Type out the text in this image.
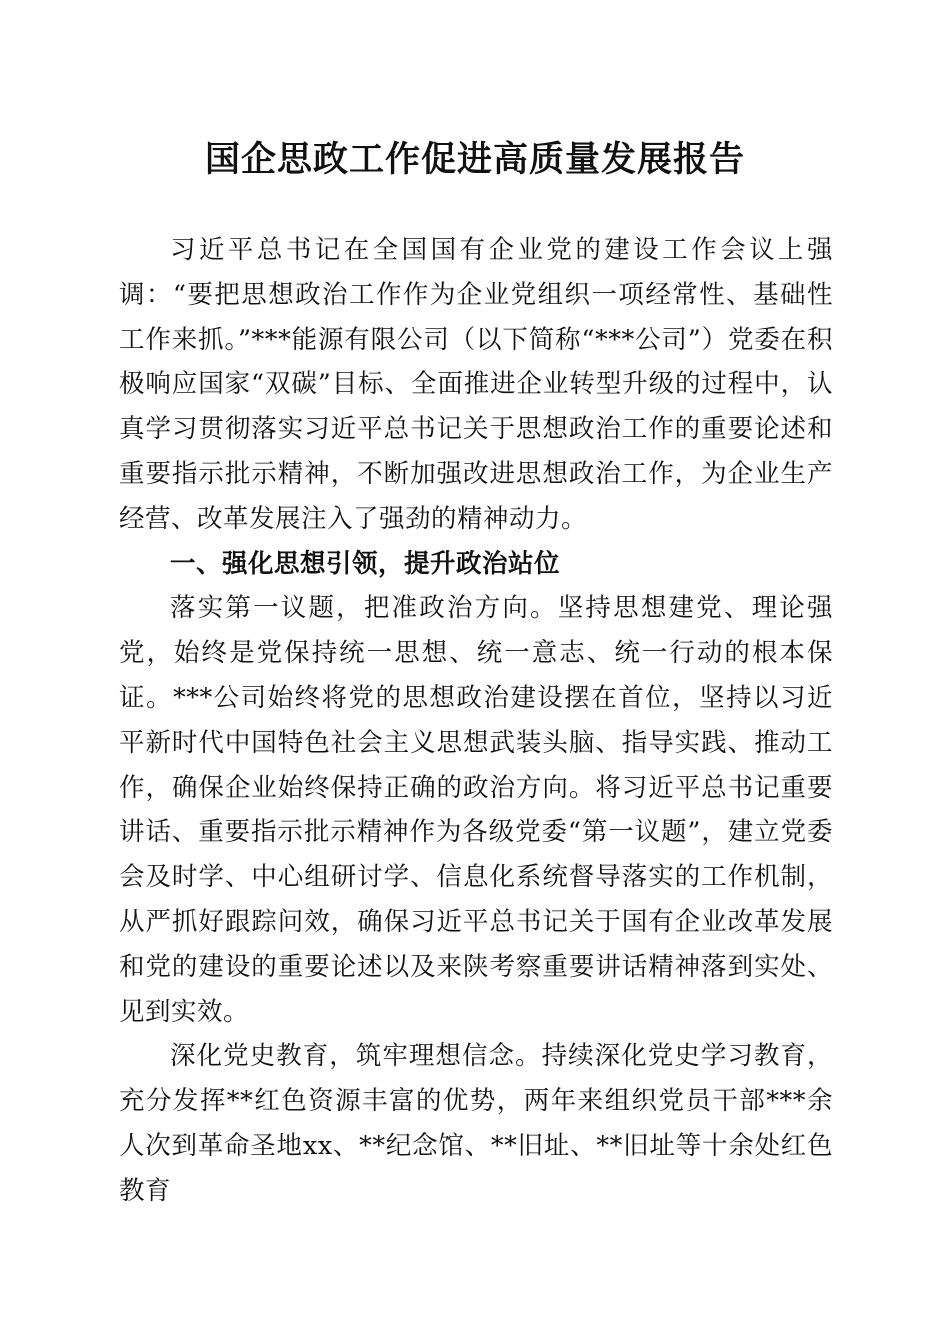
国企思政工作促进高质量发展报告

习近平总书记在全国国有企业党的建设工作会议上强调：“要把思想政治工作作为企业党组织一项经常性、基础性工作来抓。”***能源有限公司（以下简称“***公司”）党委在积极响应国家“双碳”目标、全面推进企业转型升级的过程中，认真学习贯彻落实习近平总书记关于思想政治工作的重要论述和重要指示批示精神，不断加强改进思想政治工作，为企业生产经营、改革发展注入了强劲的精神动力。

一、强化思想引领，提升政治站位

落实第一议题，把准政治方向。坚持思想建党、理论强党，始终是党保持统一思想、统一意志、统一行动的根本保证。***公司始终将党的思想政治建设摆在首位，坚持以习近平新时代中国特色社会主义思想武装头脑、指导实践、推动工作，确保企业始终保持正确的政治方向。将习近平总书记重要讲话、重要指示批示精神作为各级党委“第一议题”，建立党委会及时学、中心组研讨学、信息化系统督导落实的工作机制，从严抓好跟踪问效，确保习近平总书记关于国有企业改革发展和党的建设的重要论述以及来陕考察重要讲话精神落到实处、见到实效。

深化党史教育，筑牢理想信念。持续深化党史学习教育，充分发挥**红色资源丰富的优势，两年来组织党员干部***余人次到革命圣地xx、**纪念馆、**旧址、**旧址等十余处红色教育
